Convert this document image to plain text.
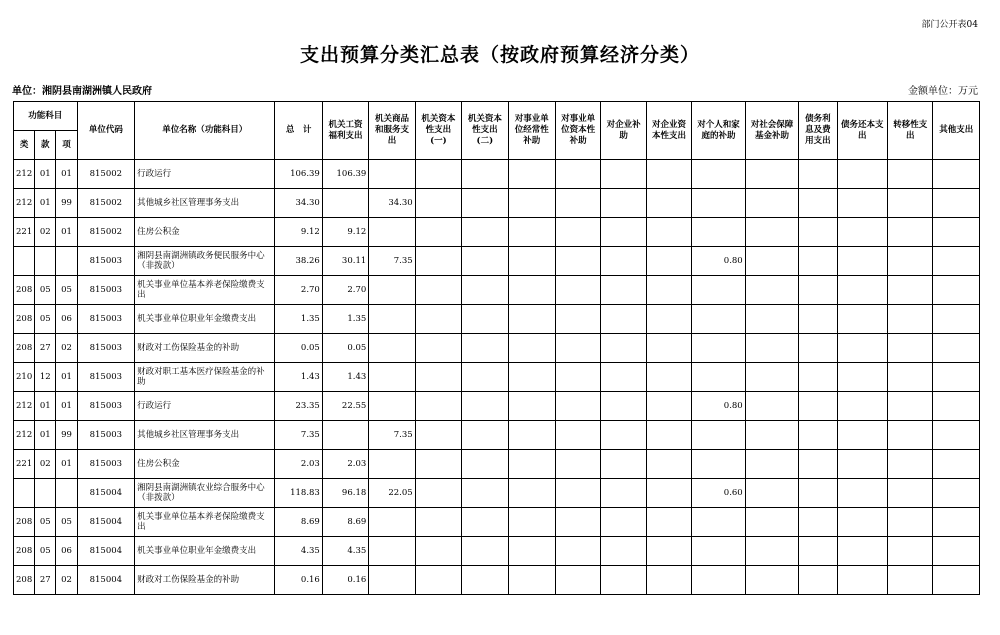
部门公开表04
支出预算分类汇总表（按政府预算经济分类）
单位：湘阴县南湖洲镇人民政府	金额单位：万元
功能科目			单位代码	单位名称（功能科目）	总　计	机关工资福利支出	机关商品和服务支出	机关资本性支出(一)	机关资本性支出(二)	对事业单位经常性补助	对事业单位资本性补助	对企业补助	对企业资本性支出	对个人和家庭的补助	对社会保障基金补助	债务利息及费用支出	债务还本支出	转移性支出	其他支出
类	款	项																	
212	01	01	815002	行政运行	106.39	106.39													
212	01	99	815002	其他城乡社区管理事务支出	34.30		34.30												
221	02	01	815002	住房公积金	9.12	9.12													
			815003	湘阴县南湖洲镇政务便民服务中心（非拨款）	38.26	30.11	7.35							0.80					
208	05	05	815003	机关事业单位基本养老保险缴费支出	2.70	2.70													
208	05	06	815003	机关事业单位职业年金缴费支出	1.35	1.35													
208	27	02	815003	财政对工伤保险基金的补助	0.05	0.05													
210	12	01	815003	财政对职工基本医疗保险基金的补助	1.43	1.43													
212	01	01	815003	行政运行	23.35	22.55								0.80					
212	01	99	815003	其他城乡社区管理事务支出	7.35		7.35												
221	02	01	815003	住房公积金	2.03	2.03													
			815004	湘阴县南湖洲镇农业综合服务中心（非拨款）	118.83	96.18	22.05							0.60					
208	05	05	815004	机关事业单位基本养老保险缴费支出	8.69	8.69													
208	05	06	815004	机关事业单位职业年金缴费支出	4.35	4.35													
208	27	02	815004	财政对工伤保险基金的补助	0.16	0.16													
